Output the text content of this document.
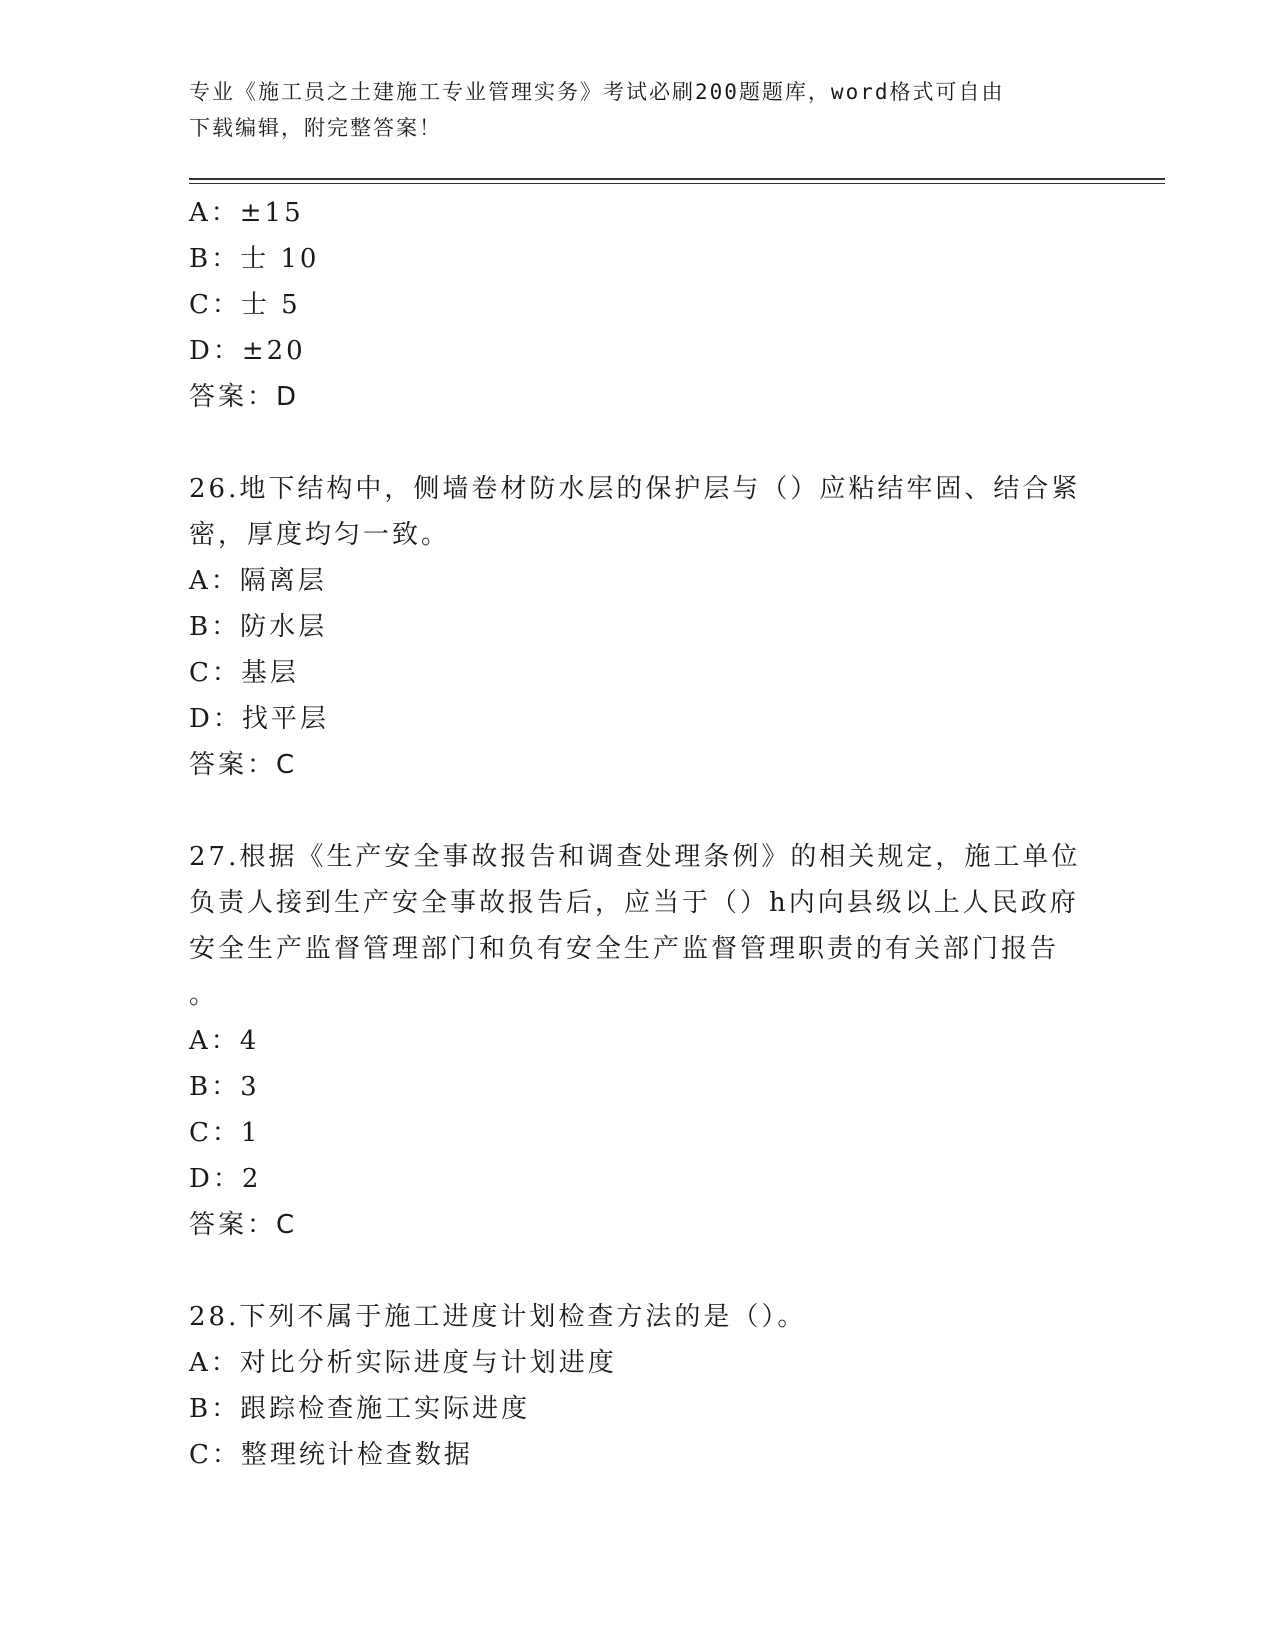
专业《施工员之土建施工专业管理实务》考试必刷200题题库，word格式可自由
下载编辑，附完整答案！
A：±15
B：士 10
C：士 5
D：±20
答案：D
26.地下结构中，侧墙卷材防水层的保护层与（）应粘结牢固、结合紧
密，厚度均匀一致。
A：隔离层
B：防水层
C：基层
D：找平层
答案：C
27.根据《生产安全事故报告和调查处理条例》的相关规定，施工单位
负责人接到生产安全事故报告后，应当于（）h内向县级以上人民政府
安全生产监督管理部门和负有安全生产监督管理职责的有关部门报告
。
A：4
B：3
C：1
D：2
答案：C
28.下列不属于施工进度计划检查方法的是（）。
A：对比分析实际进度与计划进度
B：跟踪检查施工实际进度
C：整理统计检查数据
